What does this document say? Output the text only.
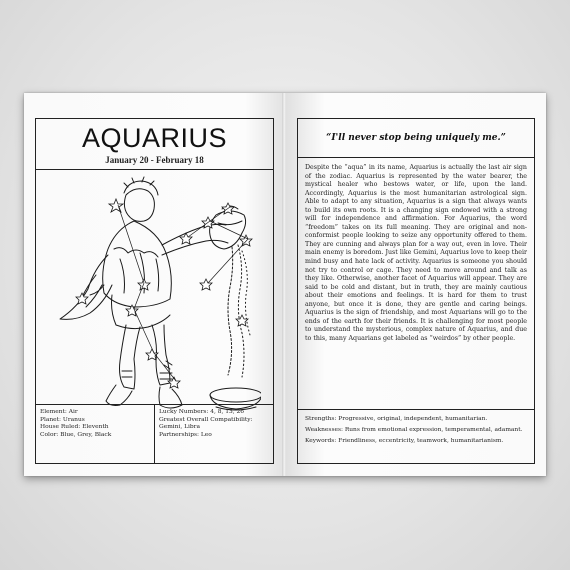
AQUARIUS
January 20 - February 18
Element: Air
Planet: Uranus
House Ruled: Eleventh
Color: Blue, Grey, Black
Lucky Numbers: 4, 8, 13, 26
Greatest Overall Compatibility:
Gemini, Libra
Partnerships: Leo
“I'll never stop being uniquely me.”
Despite the “aqua” in its name, Aquarius is actually the last air sign of the zodiac. Aquarius is represented by the water bearer, the mystical healer who bestows water, or life, upon the land. Accordingly, Aquarius is the most humanitarian astrological sign. Able to adapt to any situation, Aquarius is a sign that always wants to build its own roots. It is a changing sign endowed with a strong will for independence and affirmation. For Aquarius, the word “freedom” takes on its full meaning. They are original and non-conformist people looking to seize any opportunity offered to them. They are cunning and always plan for a way out, even in love. Their main enemy is boredom. Just like Gemini, Aquarius love to keep their mind busy and hate lack of activity. Aquarius is someone you should not try to control or cage. They need to move around and talk as they like. Otherwise, another facet of Aquarius will appear. They are said to be cold and distant, but in truth, they are mainly cautious about their emotions and feelings. It is hard for them to trust anyone, but once it is done, they are gentle and caring beings. Aquarius is the sign of friendship, and most Aquarians will go to the ends of the earth for their friends. It is challenging for most people to understand the mysterious, complex nature of Aquarius, and due to this, many Aquarians get labeled as “weirdos” by other people.
Strengths: Progressive, original, independent, humanitarian.
Weaknesses: Runs from emotional expression, temperamental, adamant.
Keywords: Friendliness, eccentricity, teamwork, humanitarianism.
